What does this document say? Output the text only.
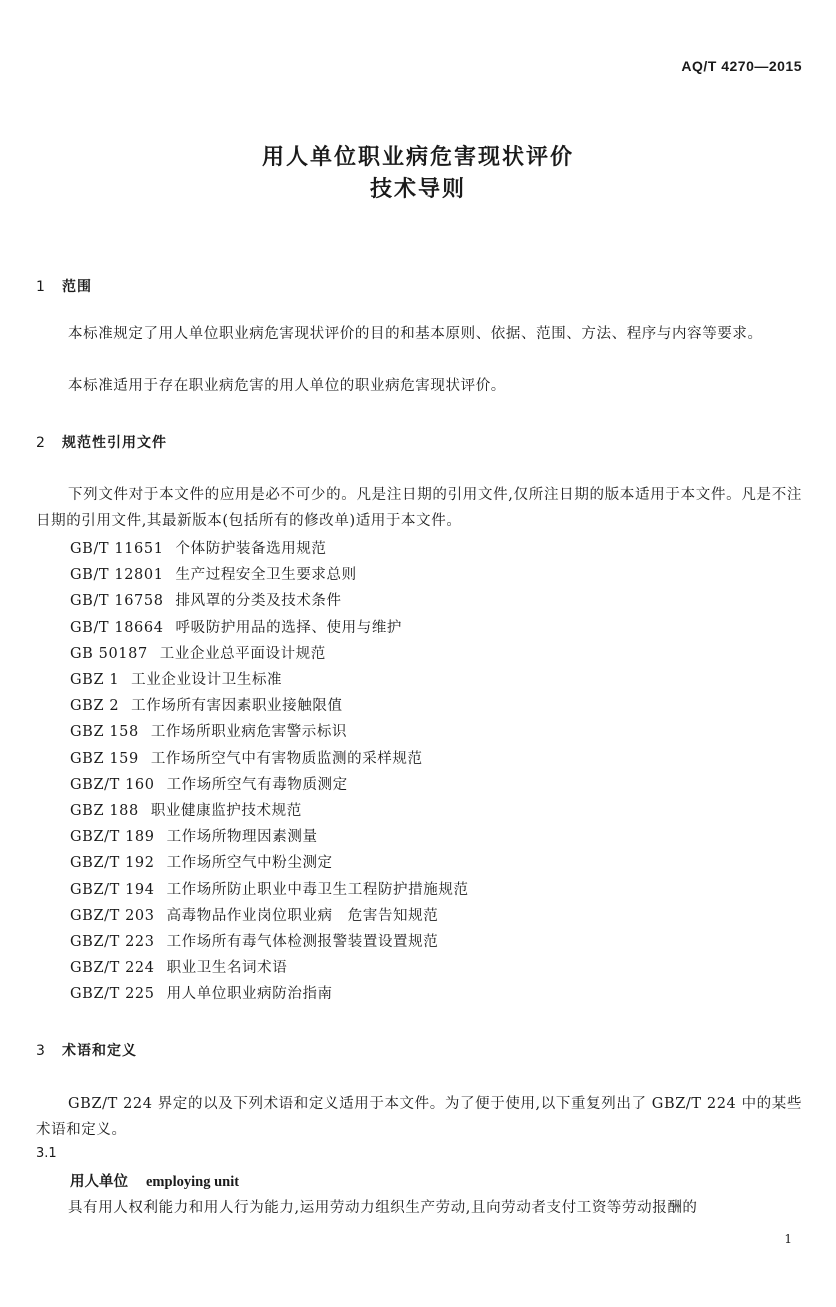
AQ/T 4270—2015
用人单位职业病危害现状评价
技术导则
1 范围
本标准规定了用人单位职业病危害现状评价的目的和基本原则、依据、范围、方法、程序与内容等要求。
本标准适用于存在职业病危害的用人单位的职业病危害现状评价。
2 规范性引用文件
下列文件对于本文件的应用是必不可少的。凡是注日期的引用文件,仅所注日期的版本适用于本文件。凡是不注日期的引用文件,其最新版本(包括所有的修改单)适用于本文件。
GB/T 11651 个体防护装备选用规范
GB/T 12801 生产过程安全卫生要求总则
GB/T 16758 排风罩的分类及技术条件
GB/T 18664 呼吸防护用品的选择、使用与维护
GB 50187 工业企业总平面设计规范
GBZ 1 工业企业设计卫生标准
GBZ 2 工作场所有害因素职业接触限值
GBZ 158 工作场所职业病危害警示标识
GBZ 159 工作场所空气中有害物质监测的采样规范
GBZ/T 160 工作场所空气有毒物质测定
GBZ 188 职业健康监护技术规范
GBZ/T 189 工作场所物理因素测量
GBZ/T 192 工作场所空气中粉尘测定
GBZ/T 194 工作场所防止职业中毒卫生工程防护措施规范
GBZ/T 203 高毒物品作业岗位职业病　危害告知规范
GBZ/T 223 工作场所有毒气体检测报警装置设置规范
GBZ/T 224 职业卫生名词术语
GBZ/T 225 用人单位职业病防治指南
3 术语和定义
GBZ/T 224 界定的以及下列术语和定义适用于本文件。为了便于使用,以下重复列出了 GBZ/T 224 中的某些术语和定义。
3.1
用人单位 employing unit
具有用人权利能力和用人行为能力,运用劳动力组织生产劳动,且向劳动者支付工资等劳动报酬的
1
